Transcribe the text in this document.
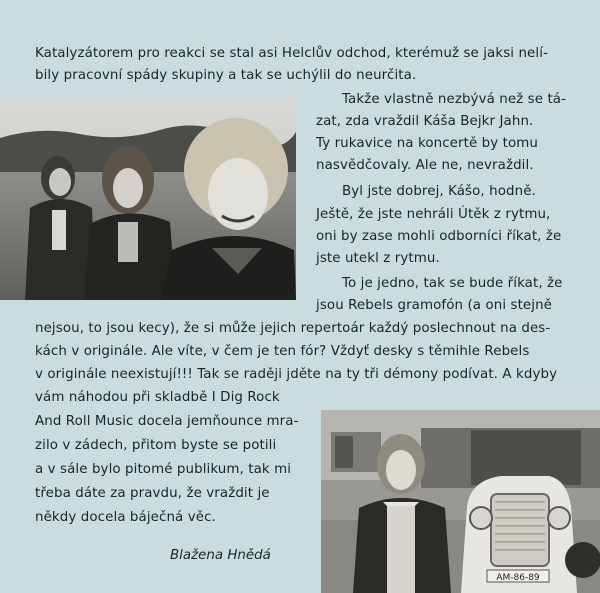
Katalyzátorem pro reakci se stal asi Helclův odchod, kterémuž se jaksi nelí-
bily pracovní spády skupiny a tak se uchýlil do neurčita.
Takže vlastně nezbývá než se tá-
zat, zda vraždil Káša Bejkr Jahn.
Ty rukavice na koncertě by tomu
nasvědčovaly. Ale ne, nevraždil.
Byl jste dobrej, Kášo, hodně.
Ještě, že jste nehráli Útěk z rytmu,
oni by zase mohli odborníci říkat, že
jste utekl z rytmu.
To je jedno, tak se bude říkat, že
jsou Rebels gramofón (a oni stejně
nejsou, to jsou kecy), že si může jejich repertoár každý poslechnout na des-
kách v originále. Ale víte, v čem je ten fór? Vždyť desky s těmihle Rebels
v originále neexistují!!! Tak se raději jděte na ty tři démony podívat. A kdyby
vám náhodou při skladbě I Dig Rock
And Roll Music docela jemňounce mra-
zilo v zádech, přitom byste se potili
a v sále bylo pitomé publikum, tak mi
třeba dáte za pravdu, že vraždit je
někdy docela báječná věc.
Blažena Hnědá
AM-86-89
